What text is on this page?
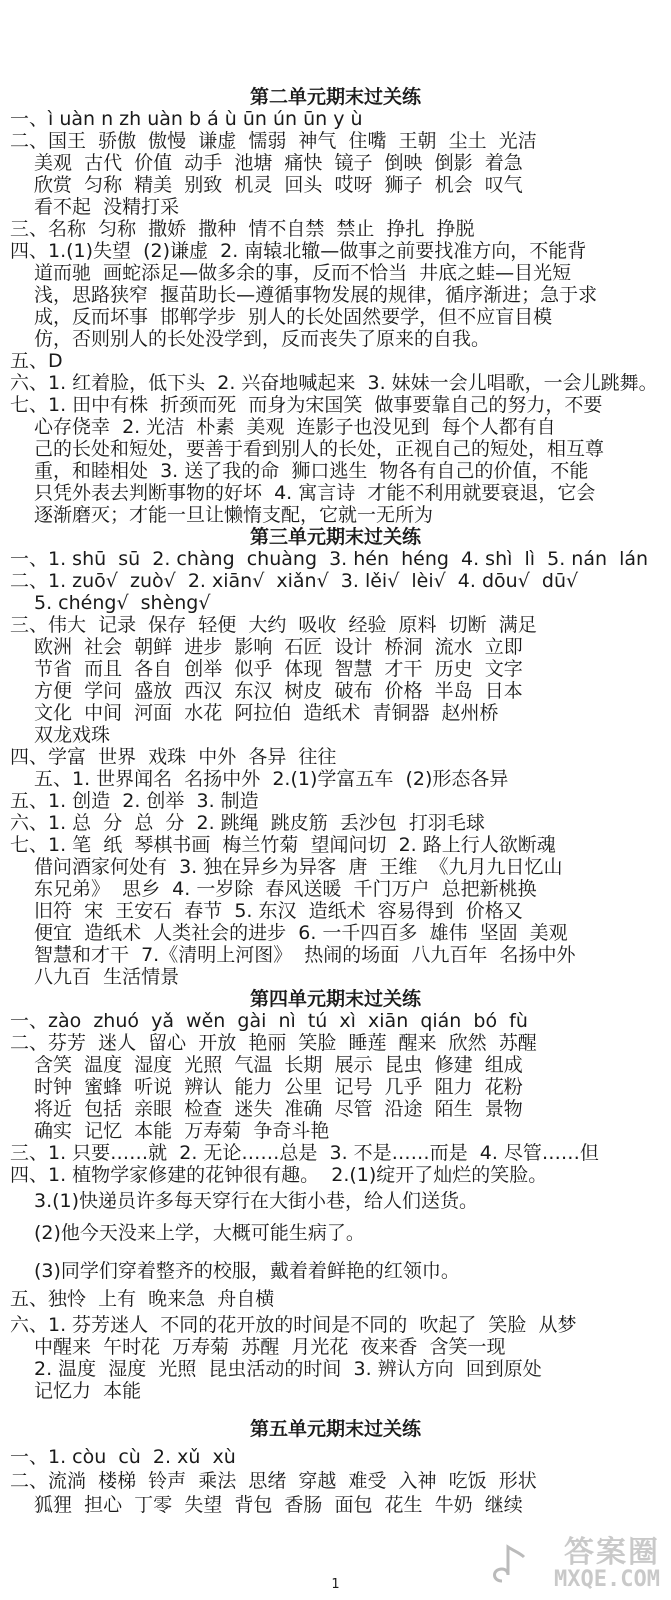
第二单元期末过关练
一、ì uàn n zh uàn b á ù ūn ún ūn y ù
二、国王  骄傲  傲慢  谦虚  懦弱  神气  住嘴  王朝  尘土  光洁
美观  古代  价值  动手  池塘  痛快  镜子  倒映  倒影  着急
欣赏  匀称  精美  别致  机灵  回头  哎呀  狮子  机会  叹气
看不起  没精打采
三、名称  匀称  撒娇  撒种  情不自禁  禁止  挣扎  挣脱
四、1.(1)失望  (2)谦虚  2. 南辕北辙—做事之前要找准方向，不能背
道而驰  画蛇添足—做多余的事，反而不恰当  井底之蛙—目光短
浅，思路狭窄  揠苗助长—遵循事物发展的规律，循序渐进；急于求
成，反而坏事  邯郸学步  别人的长处固然要学，但不应盲目模
仿，否则别人的长处没学到，反而丧失了原来的自我。
五、D
六、1. 红着脸，低下头  2. 兴奋地喊起来  3. 妹妹一会儿唱歌，一会儿跳舞。
七、1. 田中有株  折颈而死  而身为宋国笑  做事要靠自己的努力，不要
心存侥幸  2. 光洁  朴素  美观  连影子也没见到  每个人都有自
己的长处和短处，要善于看到别人的长处，正视自己的短处，相互尊
重，和睦相处  3. 送了我的命  狮口逃生  物各有自己的价值，不能
只凭外表去判断事物的好坏  4. 寓言诗  才能不利用就要衰退，它会
逐渐磨灭；才能一旦让懒惰支配，它就一无所为
第三单元期末过关练
一、1. shū  sū  2. chàng  chuàng  3. hén  héng  4. shì  lì  5. nán  lán
二、1. zuō√  zuò√  2. xiān√  xiǎn√  3. lěi√  lèi√  4. dōu√  dū√
5. chéng√  shèng√
三、伟大  记录  保存  轻便  大约  吸收  经验  原料  切断  满足
欧洲  社会  朝鲜  进步  影响  石匠  设计  桥洞  流水  立即
节省  而且  各自  创举  似乎  体现  智慧  才干  历史  文字
方便  学问  盛放  西汉  东汉  树皮  破布  价格  半岛  日本
文化  中间  河面  水花  阿拉伯  造纸术  青铜器  赵州桥
双龙戏珠
四、学富  世界  戏珠  中外  各异  往往
五、1. 世界闻名  名扬中外  2.(1)学富五车  (2)形态各异
五、1. 创造  2. 创举  3. 制造
六、1. 总  分  总  分  2. 跳绳  跳皮筋  丢沙包  打羽毛球
七、1. 笔  纸  琴棋书画  梅兰竹菊  望闻问切  2. 路上行人欲断魂
借问酒家何处有  3. 独在异乡为异客  唐  王维  《九月九日忆山
东兄弟》  思乡  4. 一岁除  春风送暖  千门万户  总把新桃换
旧符  宋  王安石  春节  5. 东汉  造纸术  容易得到  价格又
便宜  造纸术  人类社会的进步  6. 一千四百多  雄伟  坚固  美观
智慧和才干  7.《清明上河图》  热闹的场面  八九百年  名扬中外
八九百  生活情景
第四单元期末过关练
一、zào  zhuó  yǎ  wěn  gài  nì  tú  xì  xiān  qián  bó  fù
二、芬芳  迷人  留心  开放  艳丽  笑脸  睡莲  醒来  欣然  苏醒
含笑  温度  湿度  光照  气温  长期  展示  昆虫  修建  组成
时钟  蜜蜂  听说  辨认  能力  公里  记号  几乎  阻力  花粉
将近  包括  亲眼  检查  迷失  准确  尽管  沿途  陌生  景物
确实  记忆  本能  万寿菊  争奇斗艳
三、1. 只要……就  2. 无论……总是  3. 不是……而是  4. 尽管……但
四、1. 植物学家修建的花钟很有趣。  2.(1)绽开了灿烂的笑脸。
3.(1)快递员许多每天穿行在大街小巷，给人们送货。
(2)他今天没来上学，大概可能生病了。
(3)同学们穿着整齐的校服，戴着着鲜艳的红领巾。
五、独怜  上有  晚来急  舟自横
六、1. 芬芳迷人  不同的花开放的时间是不同的  吹起了  笑脸  从梦
中醒来  午时花  万寿菊  苏醒  月光花  夜来香  含笑一现
2. 温度  湿度  光照  昆虫活动的时间  3. 辨认方向  回到原处
记忆力  本能
第五单元期末过关练
一、1. còu  cù  2. xǔ  xù
二、流淌  楼梯  铃声  乘法  思绪  穿越  难受  入神  吃饭  形状
狐狸  担心  丁零  失望  背包  香肠  面包  花生  牛奶  继续
1
答案圈
MXQE.COM
